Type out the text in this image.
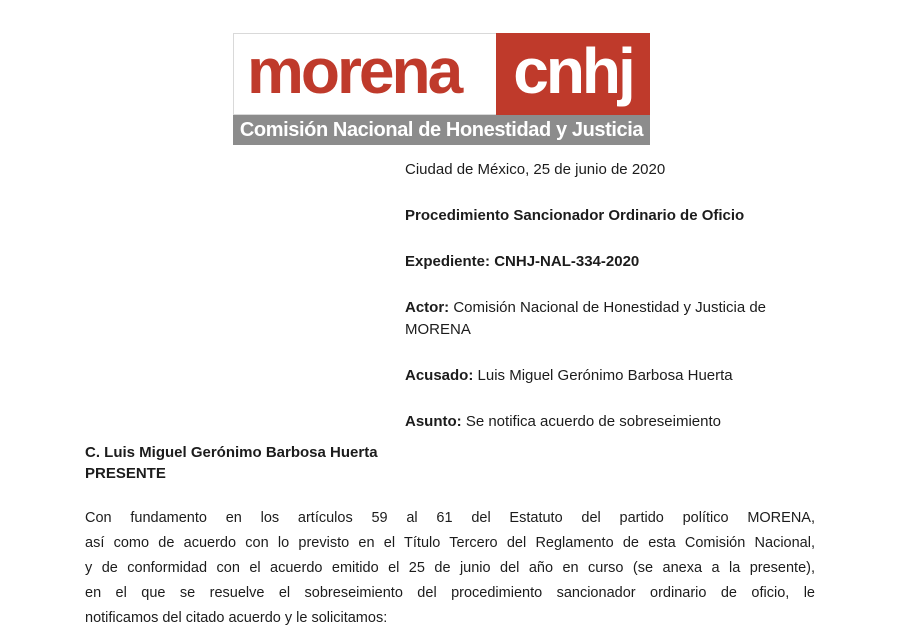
morena cnhj
Comisión Nacional de Honestidad y Justicia

Ciudad de México, 25 de junio de 2020

Procedimiento Sancionador Ordinario de Oficio

Expediente: CNHJ-NAL-334-2020

Actor: Comisión Nacional de Honestidad y Justicia de MORENA

Acusado: Luis Miguel Gerónimo Barbosa Huerta

Asunto: Se notifica acuerdo de sobreseimiento

C. Luis Miguel Gerónimo Barbosa Huerta

PRESENTE

Con fundamento en los artículos 59 al 61 del Estatuto del partido político MORENA,
así como de acuerdo con lo previsto en el Título Tercero del Reglamento de esta Comisión Nacional,
y de conformidad con el acuerdo emitido el 25 de junio del año en curso (se anexa a la presente),
en el que se resuelve el sobreseimiento del procedimiento sancionador ordinario de oficio, le
notificamos del citado acuerdo y le solicitamos:
